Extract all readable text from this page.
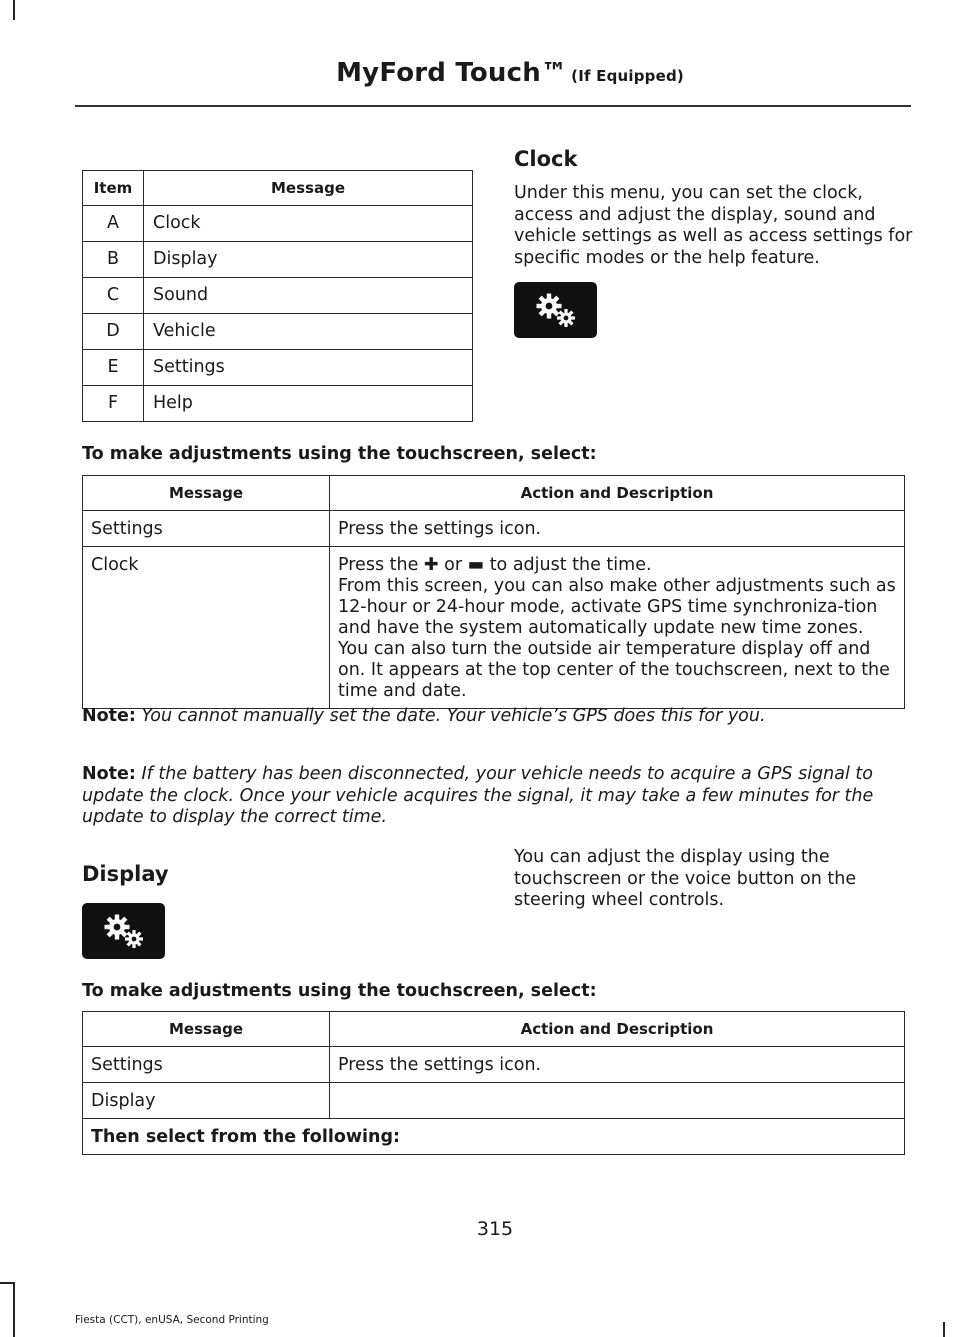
MyFord Touch™ (If Equipped)
Item	Message
A	Clock
B	Display
C	Sound
D	Vehicle
E	Settings
F	Help
Clock
Under this menu, you can set the clock, access and adjust the display, sound and vehicle settings as well as access settings for specific modes or the help feature.
To make adjustments using the touchscreen, select:
Message	Action and Description
Settings	Press the settings icon.

Clock	Press the ✚ or ▬ to adjust the time.
From this screen, you can also make other adjustments such as 12-hour or 24-hour mode, activate GPS time synchroniza-tion and have the system automatically update new time zones.
You can also turn the outside air temperature display off and on. It appears at the top center of the touchscreen, next to the time and date.
Note: You cannot manually set the date. Your vehicle’s GPS does this for you.
Note: If the battery has been disconnected, your vehicle needs to acquire a GPS signal to update the clock. Once your vehicle acquires the signal, it may take a few minutes for the update to display the correct time.
Display
You can adjust the display using the touchscreen or the voice button on the steering wheel controls.
To make adjustments using the touchscreen, select:
Message	Action and Description
Settings	Press the settings icon.
Display	
Then select from the following:	
315
Fiesta (CCT), enUSA, Second Printing
